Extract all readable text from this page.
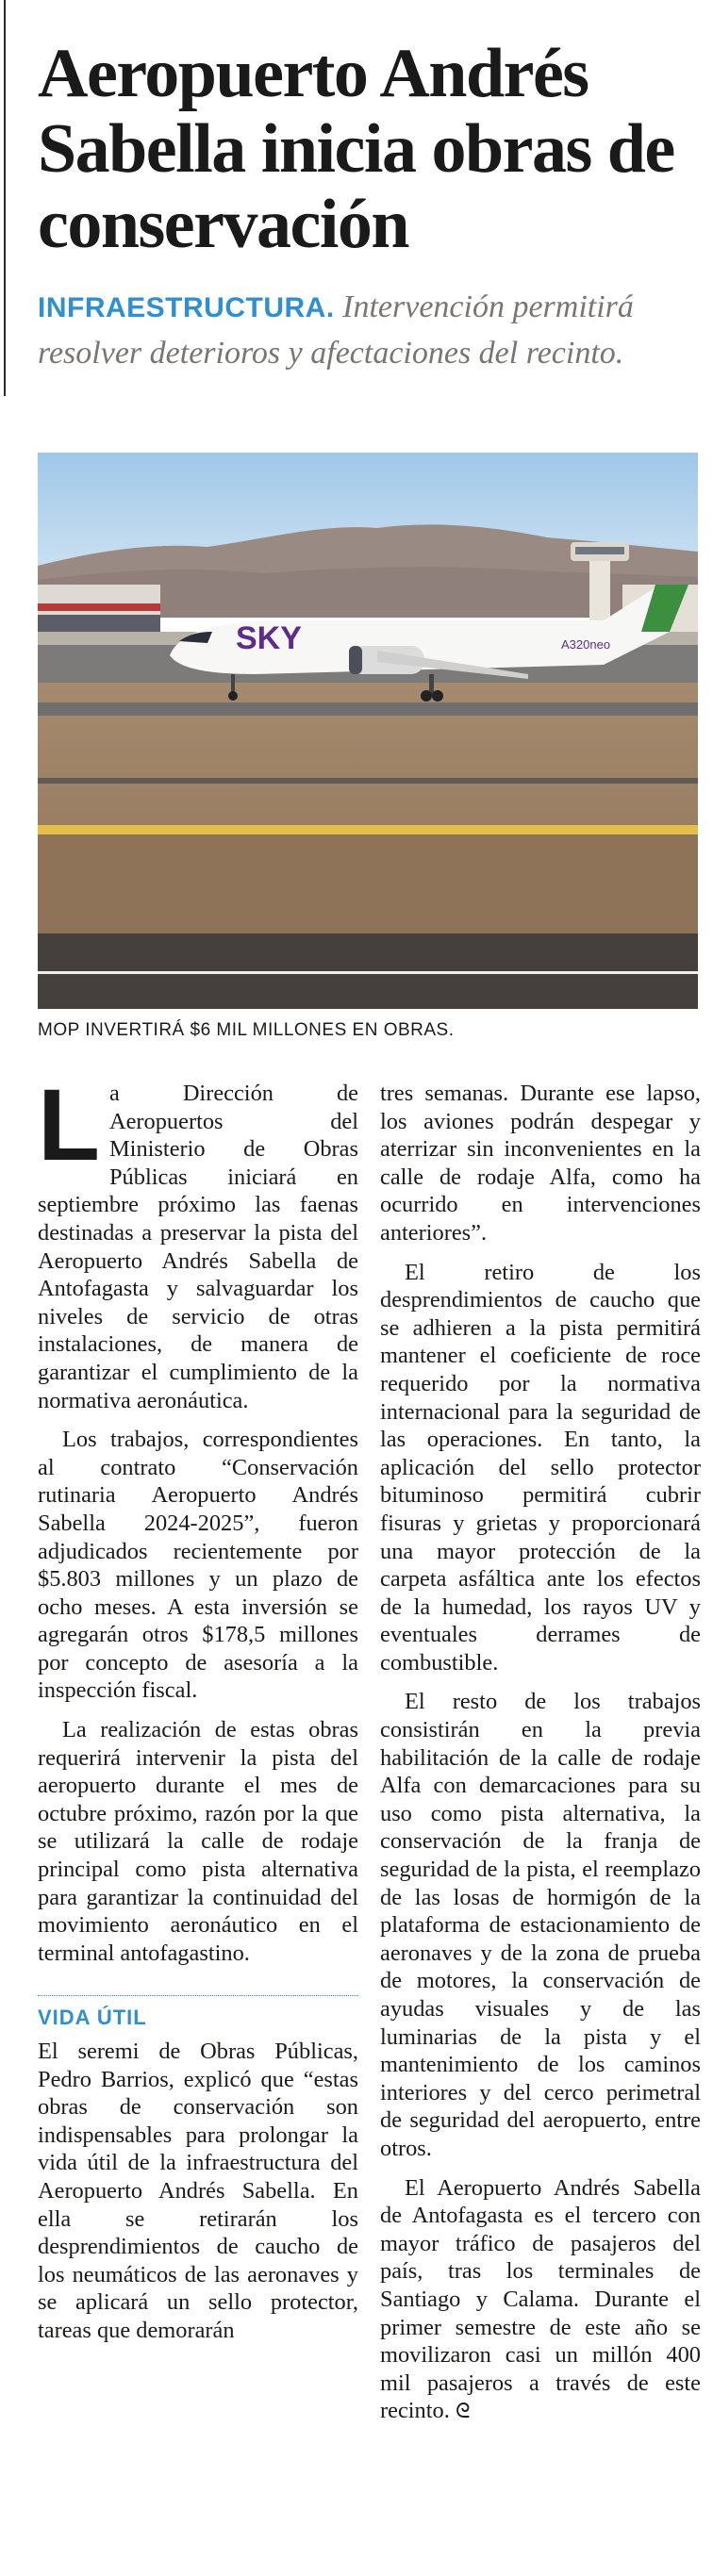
Aeropuerto Andrés Sabella inicia obras de conservación

INFRAESTRUCTURA. Intervención permitirá resolver deterioros y afectaciones del recinto.

SKY	A320neo
MOP INVERTIRÁ $6 MIL MILLONES EN OBRAS.

La Dirección de Aeropuertos del Ministerio de Obras Públicas iniciará en septiembre próximo las faenas destinadas a preservar la pista del Aeropuerto Andrés Sabella de Antofagasta y salvaguardar los niveles de servicio de otras instalaciones, de manera de garantizar el cumplimiento de la normativa aeronáutica.

Los trabajos, correspondientes al contrato “Conservación rutinaria Aeropuerto Andrés Sabella 2024-2025”, fueron adjudicados recientemente por $5.803 millones y un plazo de ocho meses. A esta inversión se agregarán otros $178,5 millones por concepto de asesoría a la inspección fiscal.

La realización de estas obras requerirá intervenir la pista del aeropuerto durante el mes de octubre próximo, razón por la que se utilizará la calle de rodaje principal como pista alternativa para garantizar la continuidad del movimiento aeronáutico en el terminal antofagastino.

VIDA ÚTIL

El seremi de Obras Públicas, Pedro Barrios, explicó que “estas obras de conservación son indispensables para prolongar la vida útil de la infraestructura del Aeropuerto Andrés Sabella. En ella se retirarán los desprendimientos de caucho de los neumáticos de las aeronaves y se aplicará un sello protector, tareas que demorarán

tres semanas. Durante ese lapso, los aviones podrán despegar y aterrizar sin inconvenientes en la calle de rodaje Alfa, como ha ocurrido en intervenciones anteriores”.

El retiro de los desprendimientos de caucho que se adhieren a la pista permitirá mantener el coeficiente de roce requerido por la normativa internacional para la seguridad de las operaciones. En tanto, la aplicación del sello protector bituminoso permitirá cubrir fisuras y grietas y proporcionará una mayor protección de la carpeta asfáltica ante los efectos de la humedad, los rayos UV y eventuales derrames de combustible.

El resto de los trabajos consistirán en la previa habilitación de la calle de rodaje Alfa con demarcaciones para su uso como pista alternativa, la conservación de la franja de seguridad de la pista, el reemplazo de las losas de hormigón de la plataforma de estacionamiento de aeronaves y de la zona de prueba de motores, la conservación de ayudas visuales y de las luminarias de la pista y el mantenimiento de los caminos interiores y del cerco perimetral de seguridad del aeropuerto, entre otros.

El Aeropuerto Andrés Sabella de Antofagasta es el tercero con mayor tráfico de pasajeros del país, tras los terminales de Santiago y Calama. Durante el primer semestre de este año se movilizaron casi un millón 400 mil pasajeros a través de este recinto. ᘓ
